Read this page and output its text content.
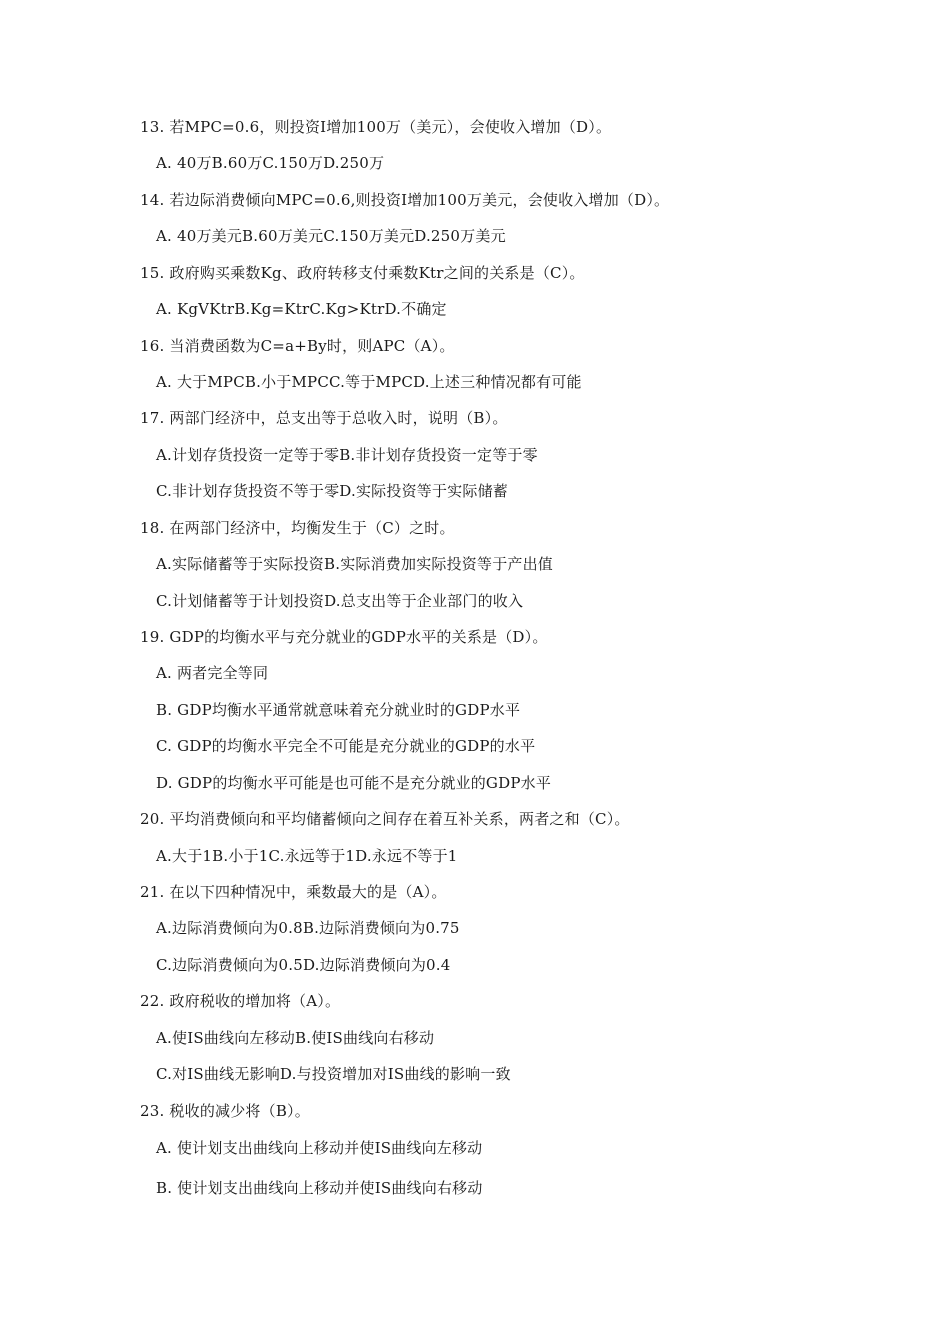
13. 若MPC=0.6，则投资I增加100万（美元），会使收入增加（D）。
A. 40万B.60万C.150万D.250万
14. 若边际消费倾向MPC=0.6,则投资I增加100万美元，会使收入增加（D）。
A. 40万美元B.60万美元C.150万美元D.250万美元
15. 政府购买乘数Kg、政府转移支付乘数Ktr之间的关系是（C）。
A. KgVKtrB.Kg=KtrC.Kg>KtrD.不确定
16. 当消费函数为C=a+By时，则APC（A）。
A. 大于MPCB.小于MPCC.等于MPCD.上述三种情况都有可能
17. 两部门经济中，总支出等于总收入时，说明（B）。
A.计划存货投资一定等于零B.非计划存货投资一定等于零
C.非计划存货投资不等于零D.实际投资等于实际储蓄
18. 在两部门经济中，均衡发生于（C）之时。
A.实际储蓄等于实际投资B.实际消费加实际投资等于产出值
C.计划储蓄等于计划投资D.总支出等于企业部门的收入
19. GDP的均衡水平与充分就业的GDP水平的关系是（D）。
A. 两者完全等同
B. GDP均衡水平通常就意味着充分就业时的GDP水平
C. GDP的均衡水平完全不可能是充分就业的GDP的水平
D. GDP的均衡水平可能是也可能不是充分就业的GDP水平
20. 平均消费倾向和平均储蓄倾向之间存在着互补关系，两者之和（C）。
A.大于1B.小于1C.永远等于1D.永远不等于1
21. 在以下四种情况中，乘数最大的是（A）。
A.边际消费倾向为0.8B.边际消费倾向为0.75
C.边际消费倾向为0.5D.边际消费倾向为0.4
22. 政府税收的增加将（A）。
A.使IS曲线向左移动B.使IS曲线向右移动
C.对IS曲线无影响D.与投资增加对IS曲线的影响一致
23. 税收的减少将（B）。
A. 使计划支出曲线向上移动并使IS曲线向左移动
B. 使计划支出曲线向上移动并使IS曲线向右移动
